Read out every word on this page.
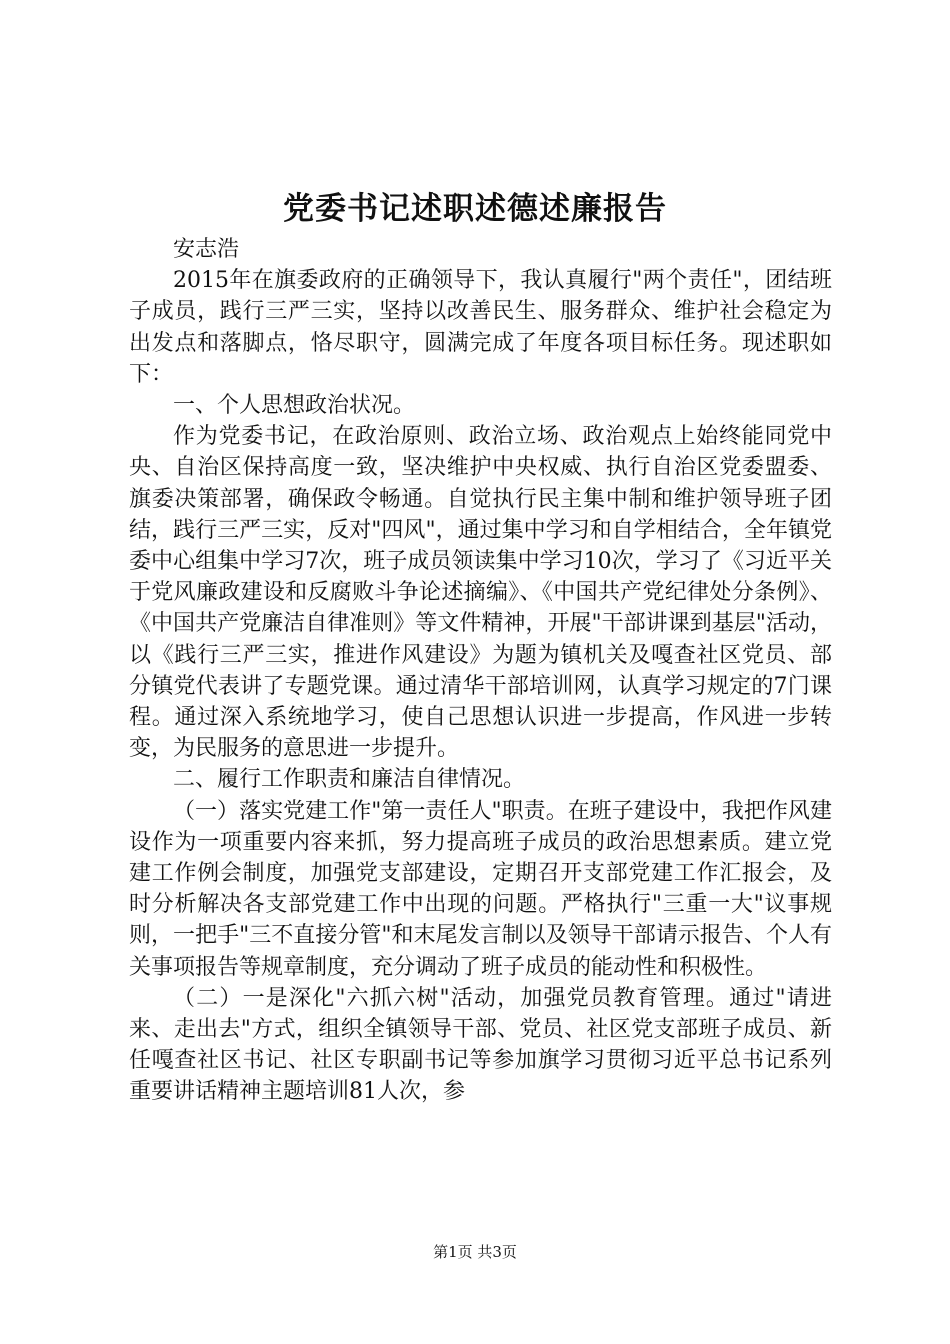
党委书记述职述德述廉报告

安志浩

2015年在旗委政府的正确领导下，我认真履行"两个责任"，团结班子成员，践行三严三实，坚持以改善民生、服务群众、维护社会稳定为出发点和落脚点，恪尽职守，圆满完成了年度各项目标任务。现述职如下：

一、个人思想政治状况。

作为党委书记，在政治原则、政治立场、政治观点上始终能同党中央、自治区保持高度一致，坚决维护中央权威、执行自治区党委盟委、旗委决策部署，确保政令畅通。自觉执行民主集中制和维护领导班子团结，践行三严三实，反对"四风"，通过集中学习和自学相结合，全年镇党委中心组集中学习7次，班子成员领读集中学习10次，学习了《习近平关于党风廉政建设和反腐败斗争论述摘编》、《中国共产党纪律处分条例》、《中国共产党廉洁自律准则》等文件精神，开展"干部讲课到基层"活动，以《践行三严三实，推进作风建设》为题为镇机关及嘎查社区党员、部分镇党代表讲了专题党课。通过清华干部培训网，认真学习规定的7门课程。通过深入系统地学习，使自己思想认识进一步提高，作风进一步转变，为民服务的意思进一步提升。

二、履行工作职责和廉洁自律情况。

（一）落实党建工作"第一责任人"职责。在班子建设中，我把作风建设作为一项重要内容来抓，努力提高班子成员的政治思想素质。建立党建工作例会制度，加强党支部建设，定期召开支部党建工作汇报会，及时分析解决各支部党建工作中出现的问题。严格执行"三重一大"议事规则，一把手"三不直接分管"和末尾发言制以及领导干部请示报告、个人有关事项报告等规章制度，充分调动了班子成员的能动性和积极性。

（二）一是深化"六抓六树"活动，加强党员教育管理。通过"请进来、走出去"方式，组织全镇领导干部、党员、社区党支部班子成员、新任嘎查社区书记、社区专职副书记等参加旗学习贯彻习近平总书记系列重要讲话精神主题培训81人次，参

第1页 共3页
